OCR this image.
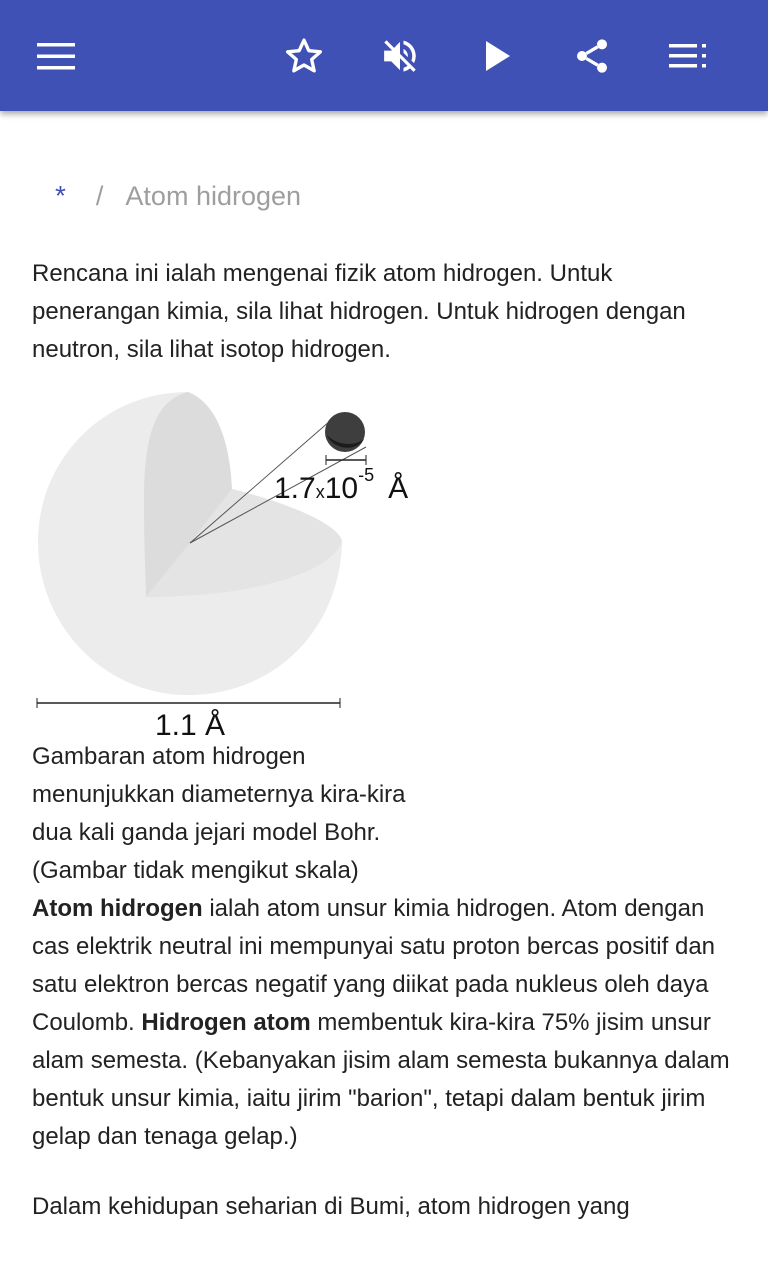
* / Atom hidrogen

Rencana ini ialah mengenai fizik atom hidrogen. Untuk penerangan kimia, sila lihat hidrogen. Untuk hidrogen dengan neutron, sila lihat isotop hidrogen.

$1.7x10^{-5}$ Å
1.1 Å

Gambaran atom hidrogen
menunjukkan diameternya kira-kira
dua kali ganda jejari model Bohr.
(Gambar tidak mengikut skala)

Atom hidrogen ialah atom unsur kimia hidrogen. Atom dengan cas elektrik neutral ini mempunyai satu proton bercas positif dan satu elektron bercas negatif yang diikat pada nukleus oleh daya Coulomb. Hidrogen atom membentuk kira-kira 75% jisim unsur alam semesta. (Kebanyakan jisim alam semesta bukannya dalam bentuk unsur kimia, iaitu jirim "barion", tetapi dalam bentuk jirim gelap dan tenaga gelap.)

Dalam kehidupan seharian di Bumi, atom hidrogen yang
